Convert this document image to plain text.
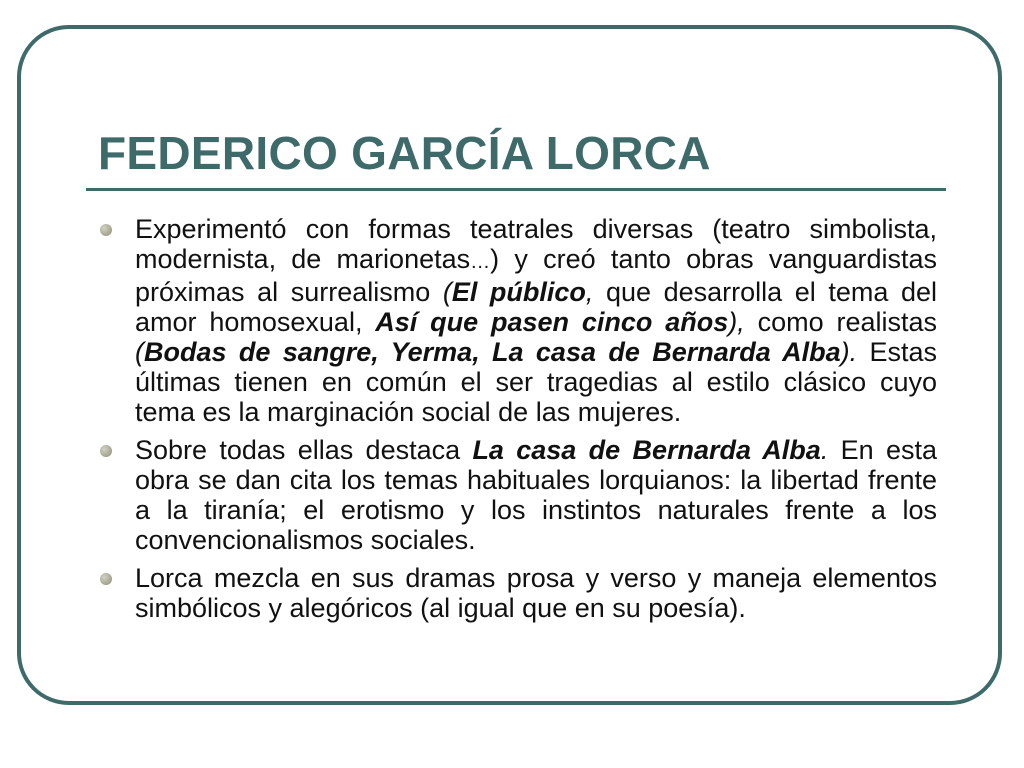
FEDERICO GARCÍA LORCA
Experimentó con formas teatrales diversas (teatro simbolista, modernista, de marionetas…) y creó tanto obras vanguardistas próximas al surrealismo (El público, que desarrolla el tema del amor homosexual, Así que pasen cinco años), como realistas (Bodas de sangre, Yerma, La casa de Bernarda Alba). Estas últimas tienen en común el ser tragedias al estilo clásico cuyo tema es la marginación social de las mujeres.
Sobre todas ellas destaca La casa de Bernarda Alba. En esta obra se dan cita los temas habituales lorquianos: la libertad frente a la tiranía; el erotismo y los instintos naturales frente a los convencionalismos sociales.
Lorca mezcla en sus dramas prosa y verso y maneja elementos simbólicos y alegóricos (al igual que en su poesía).
